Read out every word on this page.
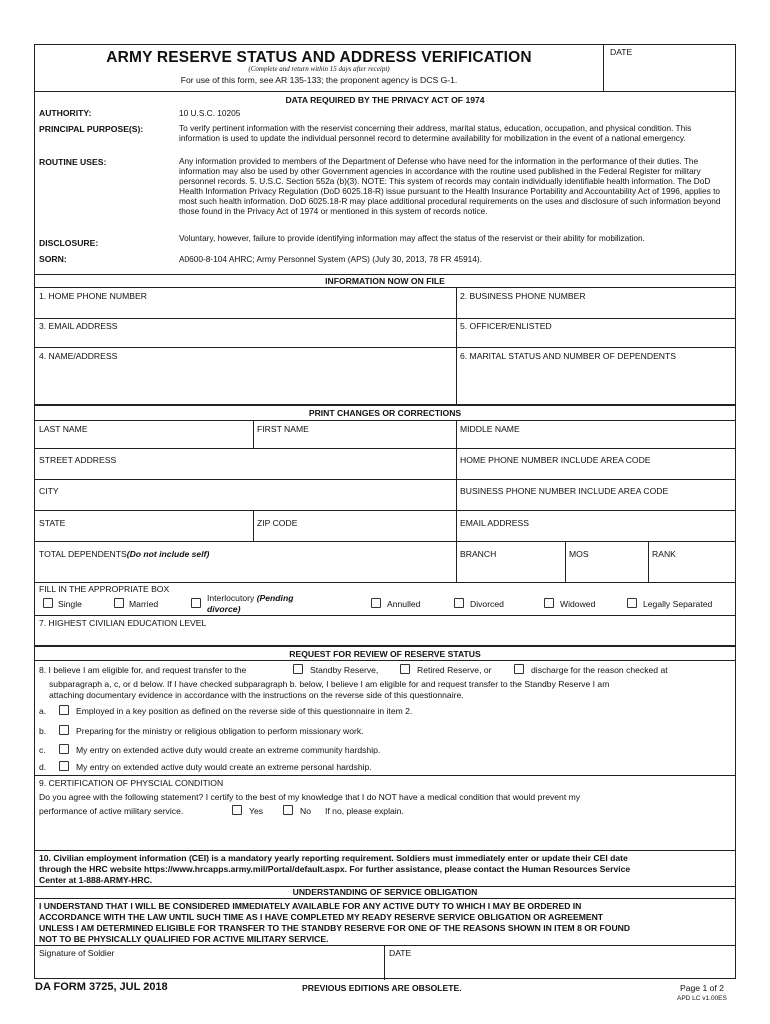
ARMY RESERVE STATUS AND ADDRESS VERIFICATION
(Complete and return within 15 days after receipt)
For use of this form, see AR 135-133; the proponent agency is DCS G-1.
DATE
DATA REQUIRED BY THE PRIVACY ACT OF 1974
AUTHORITY:	10 U.S.C. 10205
PRINCIPAL PURPOSE(S):	To verify pertinent information with the reservist concerning their address, marital status, education, occupation, and physical condition. This information is used to update the individual personnel record to determine availability for mobilization in the event of a national emergency.
ROUTINE USES:	Any information provided to members of the Department of Defense who have need for the information in the performance of their duties. The information may also be used by other Government agencies in accordance with the routine used published in the Federal Register for military personnel records. 5. U.S.C. Section 552a (b)(3). NOTE: This system of records may contain individually identifiable health information. The DoD Health Information Privacy Regulation (DoD 6025.18-R) issue pursuant to the Health Insurance Portability and Accountability Act of 1996, applies to most such health information. DoD 6025.18-R may place additional procedural requirements on the uses and disclosure of such information beyond those found in the Privacy Act of 1974 or mentioned in this system of records notice.
DISCLOSURE:	Voluntary, however, failure to provide identifying information may affect the status of the reservist or their ability for mobilization.
SORN:	A0600-8-104 AHRC; Army Personnel System (APS) (July 30, 2013, 78 FR 45914).
INFORMATION NOW ON FILE
1. HOME PHONE NUMBER	2. BUSINESS PHONE NUMBER
3. EMAIL ADDRESS	5. OFFICER/ENLISTED
4. NAME/ADDRESS	6. MARITAL STATUS AND NUMBER OF DEPENDENTS
PRINT CHANGES OR CORRECTIONS
LAST NAME	FIRST NAME	MIDDLE NAME
STREET ADDRESS	HOME PHONE NUMBER INCLUDE AREA CODE
CITY	BUSINESS PHONE NUMBER INCLUDE AREA CODE
STATE	ZIP CODE	EMAIL ADDRESS
TOTAL DEPENDENTS(Do not include self)	BRANCH	MOS	RANK
FILL IN THE APPROPRIATE BOX
Single	Married
Interlocutory (Pending
divorce)	Annulled	Divorced	Widowed	Legally Separated
7. HIGHEST CIVILIAN EDUCATION LEVEL
REQUEST FOR REVIEW OF RESERVE STATUS
8. I believe I am eligible for, and request transfer to the	Standby Reserve,	Retired Reserve, or	discharge for the reason checked at
subparagraph a, c, or d below. If I have checked subparagraph b. below, I believe I am eligible for and request transfer to the Standby Reserve I am
attaching documentary evidence in accordance with the instructions on the reverse side of this questionnaire.
a.	Employed in a key position as defined on the reverse side of this questionnaire in item 2.
b.	Preparing for the ministry or religious obligation to perform missionary work.
c.	My entry on extended active duty would create an extreme community hardship.
d.	My entry on extended active duty would create an extreme personal hardship.
9. CERTIFICATION OF PHYSCIAL CONDITION
Do you agree with the following statement? I certify to the best of my knowledge that I do NOT have a medical condition that would prevent my
performance of active military service.	Yes	No If no, please explain.
10. Civilian employment information (CEI) is a mandatory yearly reporting requirement. Soldiers must immediately enter or update their CEI date
through the HRC website https://www.hrcapps.army.mil/Portal/default.aspx. For further assistance, please contact the Human Resources Service
Center at 1-888-ARMY-HRC.
UNDERSTANDING OF SERVICE OBLIGATION
I UNDERSTAND THAT I WILL BE CONSIDERED IMMEDIATELY AVAILABLE FOR ANY ACTIVE DUTY TO WHICH I MAY BE ORDERED IN
ACCORDANCE WITH THE LAW UNTIL SUCH TIME AS I HAVE COMPLETED MY READY RESERVE SERVICE OBLIGATION OR AGREEMENT
UNLESS I AM DETERMINED ELIGIBLE FOR TRANSFER TO THE STANDBY RESERVE FOR ONE OF THE REASONS SHOWN IN ITEM 8 OR FOUND
NOT TO BE PHYSICALLY QUALIFIED FOR ACTIVE MILITARY SERVICE.
Signature of Soldier	DATE
DA FORM 3725, JUL 2018	PREVIOUS EDITIONS ARE OBSOLETE.	Page 1 of 2
APD LC v1.00ES
